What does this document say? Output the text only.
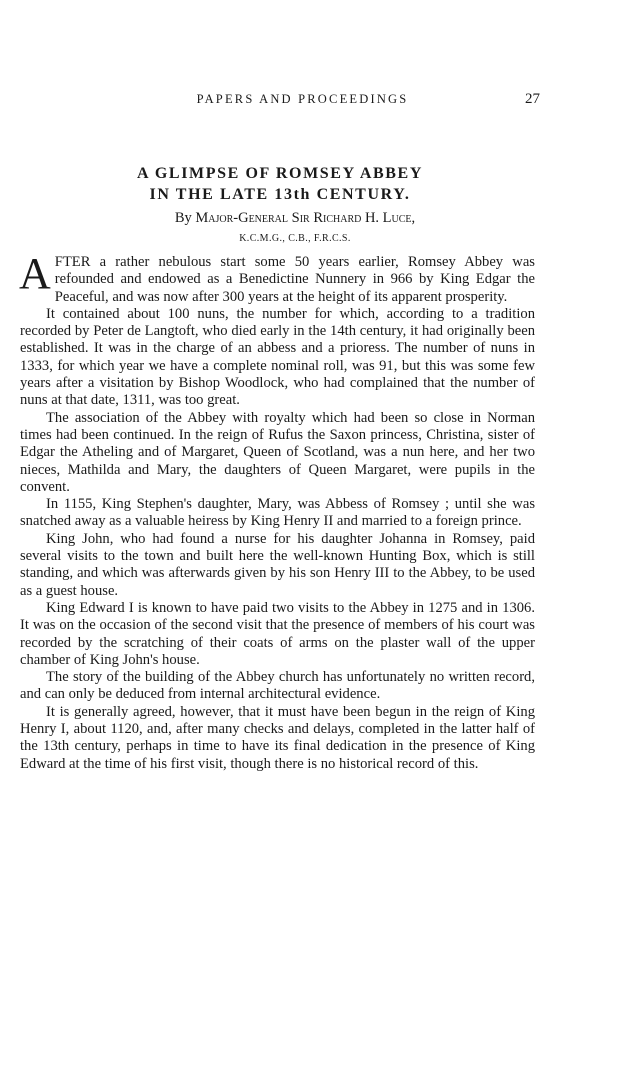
PAPERS AND PROCEEDINGS	27
A GLIMPSE OF ROMSEY ABBEY
IN THE LATE 13th CENTURY.
By Major-General Sir Richard H. Luce,
K.C.M.G., C.B., F.R.C.S.

AFTER a rather nebulous start some 50 years earlier, Romsey Abbey was refounded and endowed as a Benedictine Nunnery in 966 by King Edgar the Peaceful, and was now after 300 years at the height of its apparent prosperity.

It contained about 100 nuns, the number for which, according to a tradition recorded by Peter de Langtoft, who died early in the 14th century, it had originally been established. It was in the charge of an abbess and a prioress. The number of nuns in 1333, for which year we have a complete nominal roll, was 91, but this was some few years after a visitation by Bishop Woodlock, who had complained that the number of nuns at that date, 1311, was too great.

The association of the Abbey with royalty which had been so close in Norman times had been continued. In the reign of Rufus the Saxon princess, Christina, sister of Edgar the Atheling and of Margaret, Queen of Scotland, was a nun here, and her two nieces, Mathilda and Mary, the daughters of Queen Margaret, were pupils in the convent.

In 1155, King Stephen's daughter, Mary, was Abbess of Romsey ; until she was snatched away as a valuable heiress by King Henry II and married to a foreign prince.

King John, who had found a nurse for his daughter Johanna in Romsey, paid several visits to the town and built here the well-known Hunting Box, which is still standing, and which was afterwards given by his son Henry III to the Abbey, to be used as a guest house.

King Edward I is known to have paid two visits to the Abbey in 1275 and in 1306. It was on the occasion of the second visit that the presence of members of his court was recorded by the scratching of their coats of arms on the plaster wall of the upper chamber of King John's house.

The story of the building of the Abbey church has unfortunately no written record, and can only be deduced from internal architectural evidence.

It is generally agreed, however, that it must have been begun in the reign of King Henry I, about 1120, and, after many checks and delays, completed in the latter half of the 13th century, perhaps in time to have its final dedication in the presence of King Edward at the time of his first visit, though there is no historical record of this.
